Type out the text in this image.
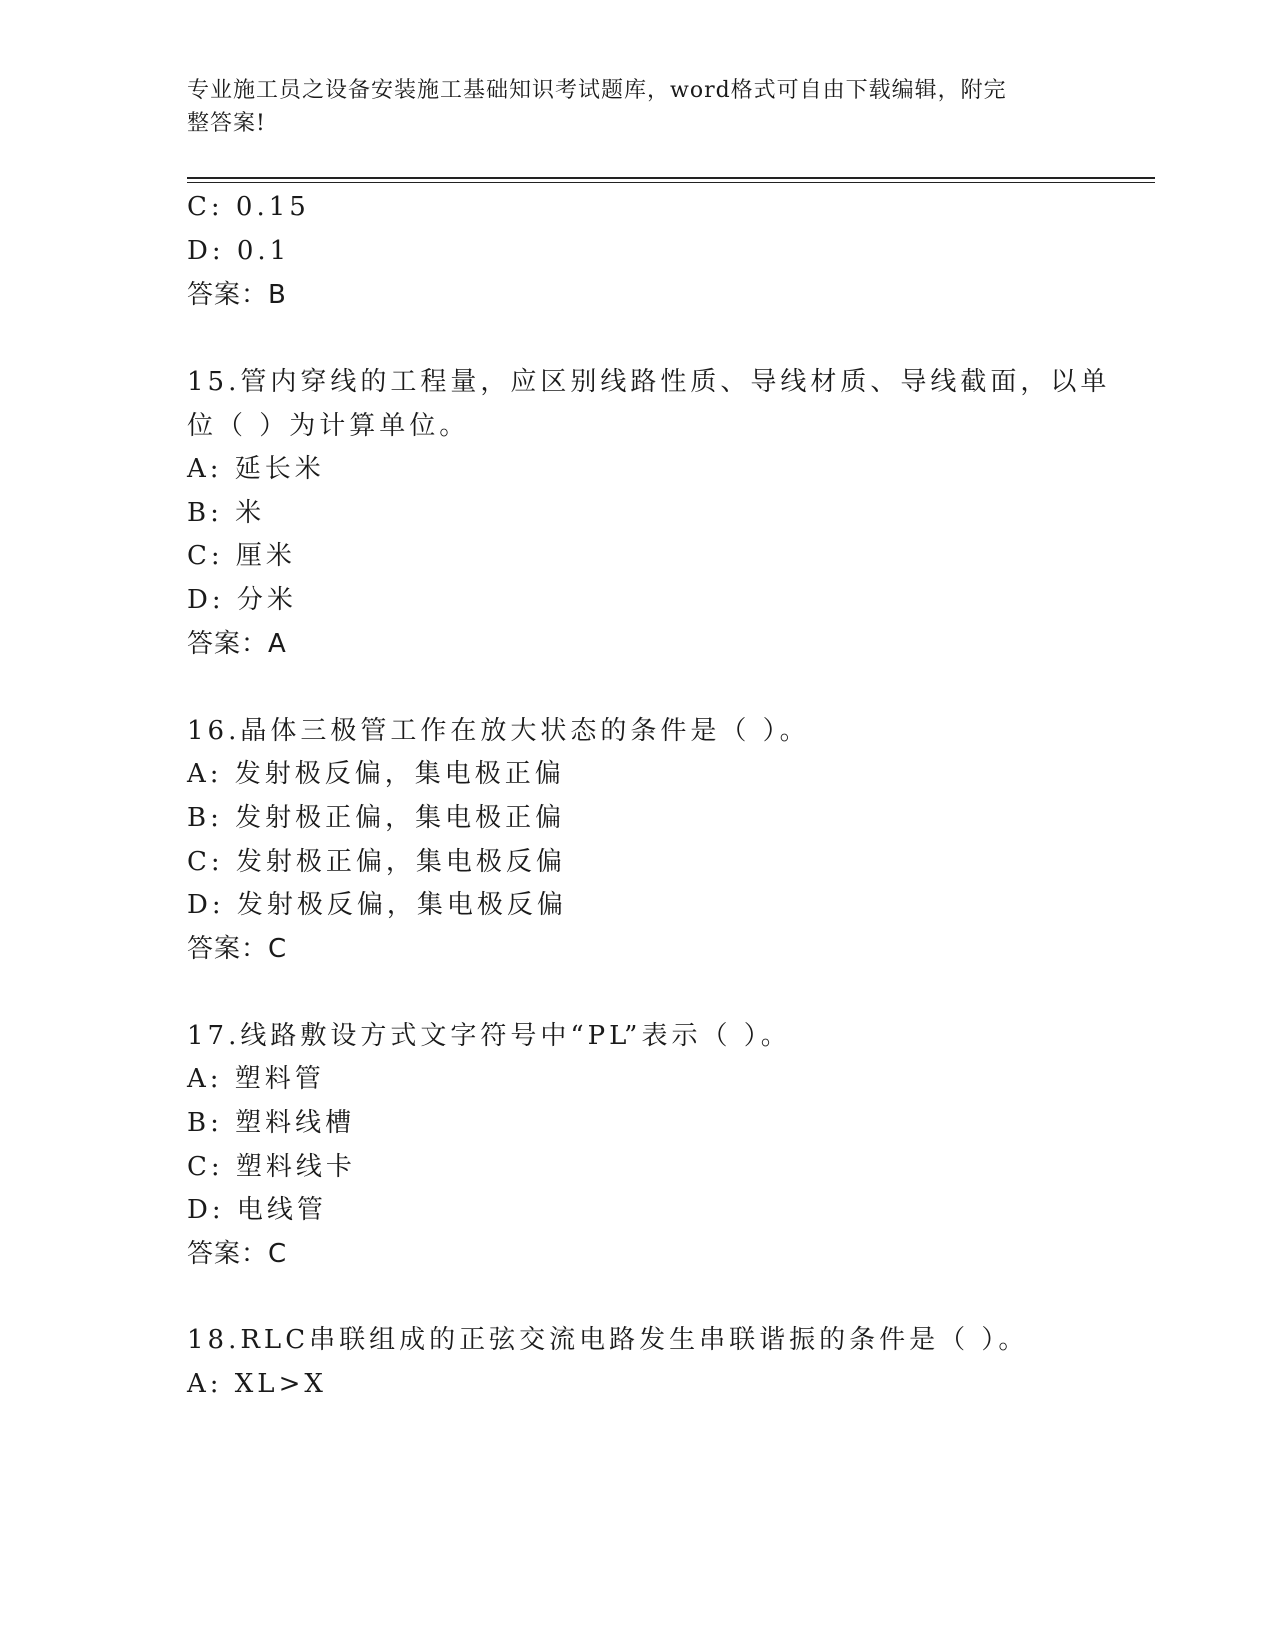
专业施工员之设备安装施工基础知识考试题库，word格式可自由下载编辑，附完
整答案!
C: 0.15
D: 0.1
答案：B
15.管内穿线的工程量，应区别线路性质、导线材质、导线截面，以单
位（ ）为计算单位。
A: 延长米
B: 米
C: 厘米
D: 分米
答案：A
16.晶体三极管工作在放大状态的条件是（ ）。
A: 发射极反偏，集电极正偏
B: 发射极正偏，集电极正偏
C: 发射极正偏，集电极反偏
D: 发射极反偏，集电极反偏
答案：C
17.线路敷设方式文字符号中“PL”表示（ ）。
A: 塑料管
B: 塑料线槽
C: 塑料线卡
D: 电线管
答案：C
18.RLC串联组成的正弦交流电路发生串联谐振的条件是（ ）。
A: XL>X
